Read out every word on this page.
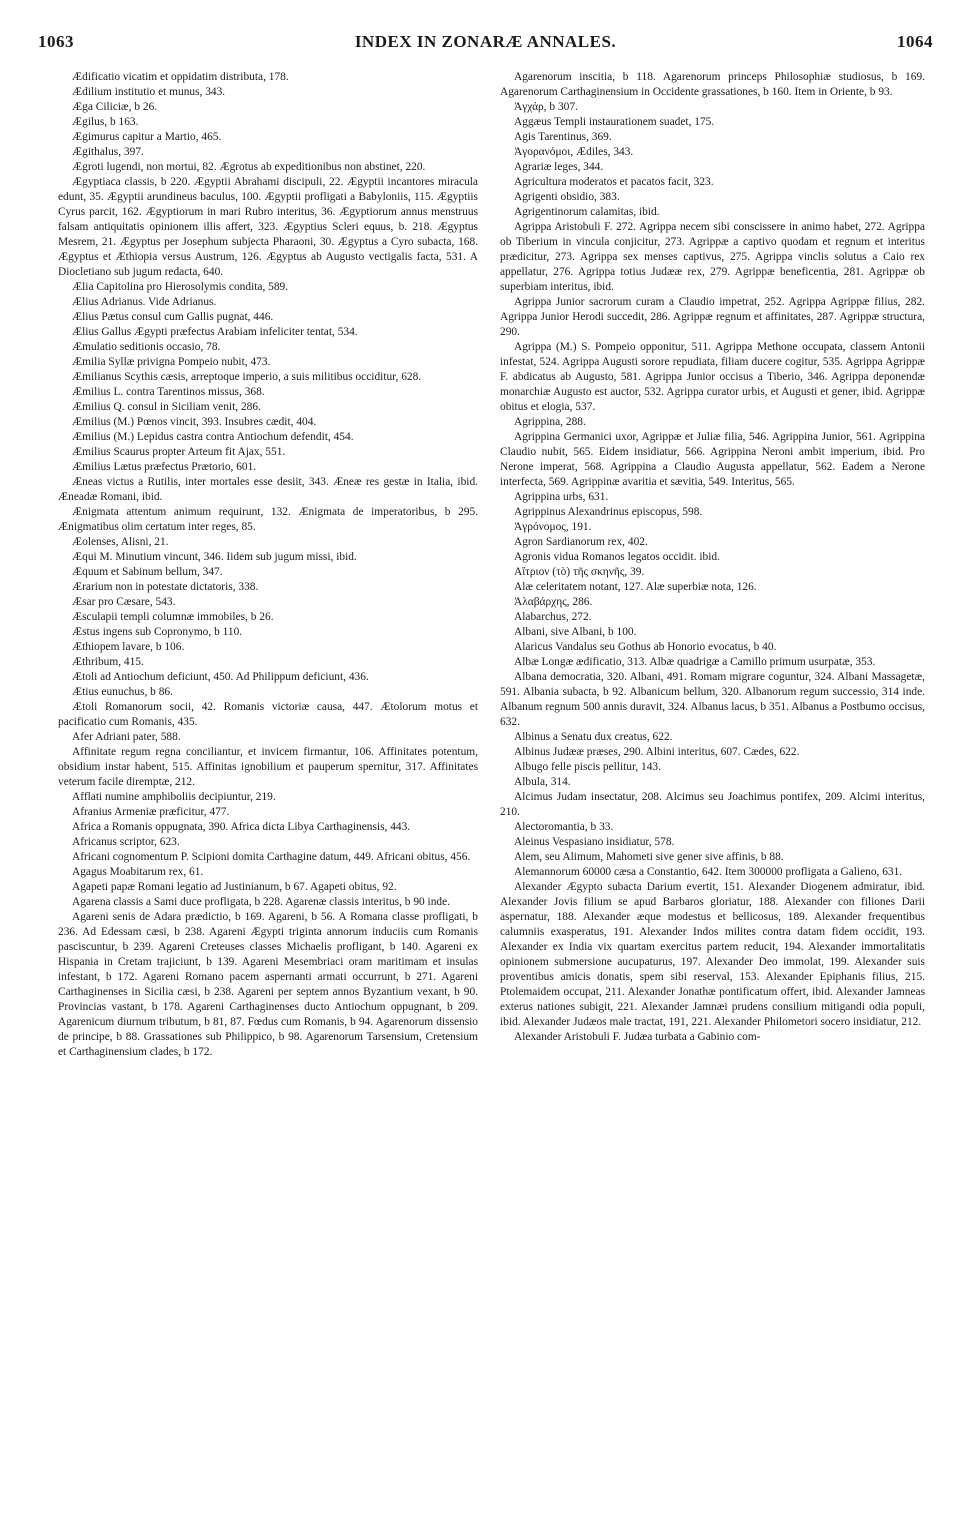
1063	INDEX IN ZONARÆ ANNALES.	1064

Ædificatio vicatim et oppidatim distributa, 178.

Ædilium institutio et munus, 343.

Æga Ciliciæ, b 26.

Ægilus, b 163.

Ægimurus capitur a Martio, 465.

Ægithalus, 397.

Ægroti lugendi, non mortui, 82. Ægrotus ab expeditionibus non abstinet, 220.

Ægyptiaca classis, b 220. Ægyptii Abrahami discipuli, 22. Ægyptii incantores miracula edunt, 35. Ægyptii arundineus baculus, 100. Ægyptii profligati a Babyloniis, 115. Ægyptiis Cyrus parcit, 162. Ægyptiorum in mari Rubro interitus, 36. Ægyptiorum annus menstruus falsam antiquitatis opinionem illis affert, 323. Ægyptius Scleri equus, b. 218. Ægyptus Mesrem, 21. Ægyptus per Josephum subjecta Pharaoni, 30. Ægyptus a Cyro subacta, 168. Ægyptus et Æthiopia versus Austrum, 126. Ægyptus ab Augusto vectigalis facta, 531. A Diocletiano sub jugum redacta, 640.

Ælia Capitolina pro Hierosolymis condita, 589.

Ælius Adrianus. Vide Adrianus.

Ælius Pætus consul cum Gallis pugnat, 446.

Ælius Gallus Ægypti præfectus Arabiam infeliciter tentat, 534.

Æmulatio seditionis occasio, 78.

Æmilia Syllæ privigna Pompeio nubit, 473.

Æmilianus Scythis cæsis, arreptoque imperio, a suis militibus occiditur, 628.

Æmilius L. contra Tarentinos missus, 368.

Æmilius Q. consul in Siciliam venit, 286.

Æmilius (M.) Pœnos vincit, 393. Insubres cædit, 404.

Æmilius (M.) Lepidus castra contra Antiochum defendit, 454.

Æmilius Scaurus propter Arteum fit Ajax, 551.

Æmilius Lætus præfectus Prætorio, 601.

Æneas victus a Rutilis, inter mortales esse desiit, 343. Æneæ res gestæ in Italia, ibid. Æneadæ Romani, ibid.

Ænigmata attentum animum requirunt, 132. Ænigmata de imperatoribus, b 295. Ænigmatibus olim certatum inter reges, 85.

Æolenses, Alisni, 21.

Æqui M. Minutium vincunt, 346. Iidem sub jugum missi, ibid.

Æquum et Sabinum bellum, 347.

Ærarium non in potestate dictatoris, 338.

Æsar pro Cæsare, 543.

Æsculapii templi columnæ immobiles, b 26.

Æstus ingens sub Copronymo, b 110.

Æthiopem lavare, b 106.

Æthribum, 415.

Ætoli ad Antiochum deficiunt, 450. Ad Philippum deficiunt, 436.

Ætius eunuchus, b 86.

Ætoli Romanorum socii, 42. Romanis victoriæ causa, 447. Ætolorum motus et pacificatio cum Romanis, 435.

Afer Adriani pater, 588.

Affinitate regum regna conciliantur, et invicem firmantur, 106. Affinitates potentum, obsidium instar habent, 515. Affinitas ignobilium et pauperum spernitur, 317. Affinitates veterum facile diremptæ, 212.

Afflati numine amphiboliis decipiuntur, 219.

Afranius Armeniæ præficitur, 477.

Africa a Romanis oppugnata, 390. Africa dicta Libya Carthaginensis, 443.

Africanus scriptor, 623.

Africani cognomentum P. Scipioni domita Carthagine datum, 449. Africani obitus, 456.

Agagus Moabitarum rex, 61.

Agapeti papæ Romani legatio ad Justinianum, b 67. Agapeti obitus, 92.

Agarena classis a Sami duce profligata, b 228. Agarenæ classis interitus, b 90 inde.

Agareni senis de Adara prædictio, b 169. Agareni, b 56. A Romana classe profligati, b 236. Ad Edessam cæsi, b 238. Agareni Ægypti triginta annorum induciis cum Romanis pasciscuntur, b 239. Agareni Creteuses classes Michaelis profligant, b 140. Agareni ex Hispania in Cretam trajiciunt, b 139. Agareni Mesembriaci oram maritimam et insulas infestant, b 172. Agareni Romano pacem aspernanti armati occurrunt, b 271. Agareni Carthaginenses in Sicilia cæsi, b 238. Agareni per septem annos Byzantium vexant, b 90. Provincias vastant, b 178. Agareni Carthaginenses ducto Antiochum oppugnant, b 209. Agarenicum diurnum tributum, b 81, 87. Fœdus cum Romanis, b 94. Agarenorum dissensio de principe, b 88. Grassationes sub Philippico, b 98. Agarenorum Tarsensium, Cretensium et Carthaginensium clades, b 172.

Agarenorum inscitia, b 118. Agarenorum princeps Philosophiæ studiosus, b 169. Agarenorum Carthaginensium in Occidente grassationes, b 160. Item in Oriente, b 93.

Ἀγχάρ, b 307.

Aggæus Templi instaurationem suadet, 175.

Agis Tarentinus, 369.

Ἀγορανόμοι, Ædiles, 343.

Agrariæ leges, 344.

Agricultura moderatos et pacatos facit, 323.

Agrigenti obsidio, 383.

Agrigentinorum calamitas, ibid.

Agrippa Aristobuli F. 272. Agrippa necem sibi conscissere in animo habet, 272. Agrippa ob Tiberium in vincula conjicitur, 273. Agrippæ a captivo quodam et regnum et interitus prædicitur, 273. Agrippa sex menses captivus, 275. Agrippa vinclis solutus a Caio rex appellatur, 276. Agrippa totius Judææ rex, 279. Agrippæ beneficentia, 281. Agrippæ ob superbiam interitus, ibid.

Agrippa Junior sacrorum curam a Claudio impetrat, 252. Agrippa Agrippæ filius, 282. Agrippa Junior Herodi succedit, 286. Agrippæ regnum et affinitates, 287. Agrippæ structura, 290.

Agrippa (M.) S. Pompeio opponitur, 511. Agrippa Methone occupata, classem Antonii infestat, 524. Agrippa Augusti sorore repudiata, filiam ducere cogitur, 535. Agrippa Agrippæ F. abdicatus ab Augusto, 581. Agrippa Junior occisus a Tiberio, 346. Agrippa deponendæ monarchiæ Augusto est auctor, 532. Agrippa curator urbis, et Augusti et gener, ibid. Agrippæ obitus et elogia, 537.

Agrippina, 288.

Agrippina Germanici uxor, Agrippæ et Juliæ filia, 546. Agrippina Junior, 561. Agrippina Claudio nubit, 565. Eidem insidiatur, 566. Agrippina Neroni ambit imperium, ibid. Pro Nerone imperat, 568. Agrippina a Claudio Augusta appellatur, 562. Eadem a Nerone interfecta, 569. Agrippinæ avaritia et sævitia, 549. Interitus, 565.

Agrippina urbs, 631.

Agrippinus Alexandrinus episcopus, 598.

Ἀγρόνομος, 191.

Agron Sardianorum rex, 402.

Agronis vidua Romanos legatos occidit. ibid.

Αἴτριον (τὸ) τῆς σκηνῆς, 39.

Alæ celeritatem notant, 127. Alæ superbiæ nota, 126.

Ἀλαβάρχης, 286.

Alabarchus, 272.

Albani, sive Albani, b 100.

Alaricus Vandalus seu Gothus ab Honorio evocatus, b 40.

Albæ Longæ ædificatio, 313. Albæ quadrigæ a Camillo primum usurpatæ, 353.

Albana democratia, 320. Albani, 491. Romam migrare coguntur, 324. Albani Massagetæ, 591. Albania subacta, b 92. Albanicum bellum, 320. Albanorum regum successio, 314 inde. Albanum regnum 500 annis duravit, 324. Albanus lacus, b 351. Albanus a Postbumo occisus, 632.

Albinus a Senatu dux creatus, 622.

Albinus Judææ præses, 290. Albini interitus, 607. Cædes, 622.

Albugo felle piscis pellitur, 143.

Albula, 314.

Alcimus Judam insectatur, 208. Alcimus seu Joachimus pontifex, 209. Alcimi interitus, 210.

Alectoromantia, b 33.

Aleinus Vespasiano insidiatur, 578.

Alem, seu Alimum, Mahometi sive gener sive affinis, b 88.

Alemannorum 60000 cæsa a Constantio, 642. Item 300000 profligata a Galieno, 631.

Alexander Ægypto subacta Darium evertit, 151. Alexander Diogenem admiratur, ibid. Alexander Jovis filium se apud Barbaros gloriatur, 188. Alexander con filiones Darii aspernatur, 188. Alexander æque modestus et bellicosus, 189. Alexander frequentibus calumniis exasperatus, 191. Alexander Indos milites contra datam fidem occidit, 193. Alexander ex India vix quartam exercitus partem reducit, 194. Alexander immortalitatis opinionem submersione aucupaturus, 197. Alexander Deo immolat, 199. Alexander suis proventibus amicis donatis, spem sibi reserval, 153. Alexander Epiphanis filius, 215. Ptolemaidem occupat, 211. Alexander Jonathæ pontificatum offert, ibid. Alexander Jamneas exterus nationes subigit, 221. Alexander Jamnæi prudens consilium mitigandi odia populi, ibid. Alexander Judæos male tractat, 191, 221. Alexander Philometori socero insidiatur, 212.

Alexander Aristobuli F. Judæa turbata a Gabinio com-
